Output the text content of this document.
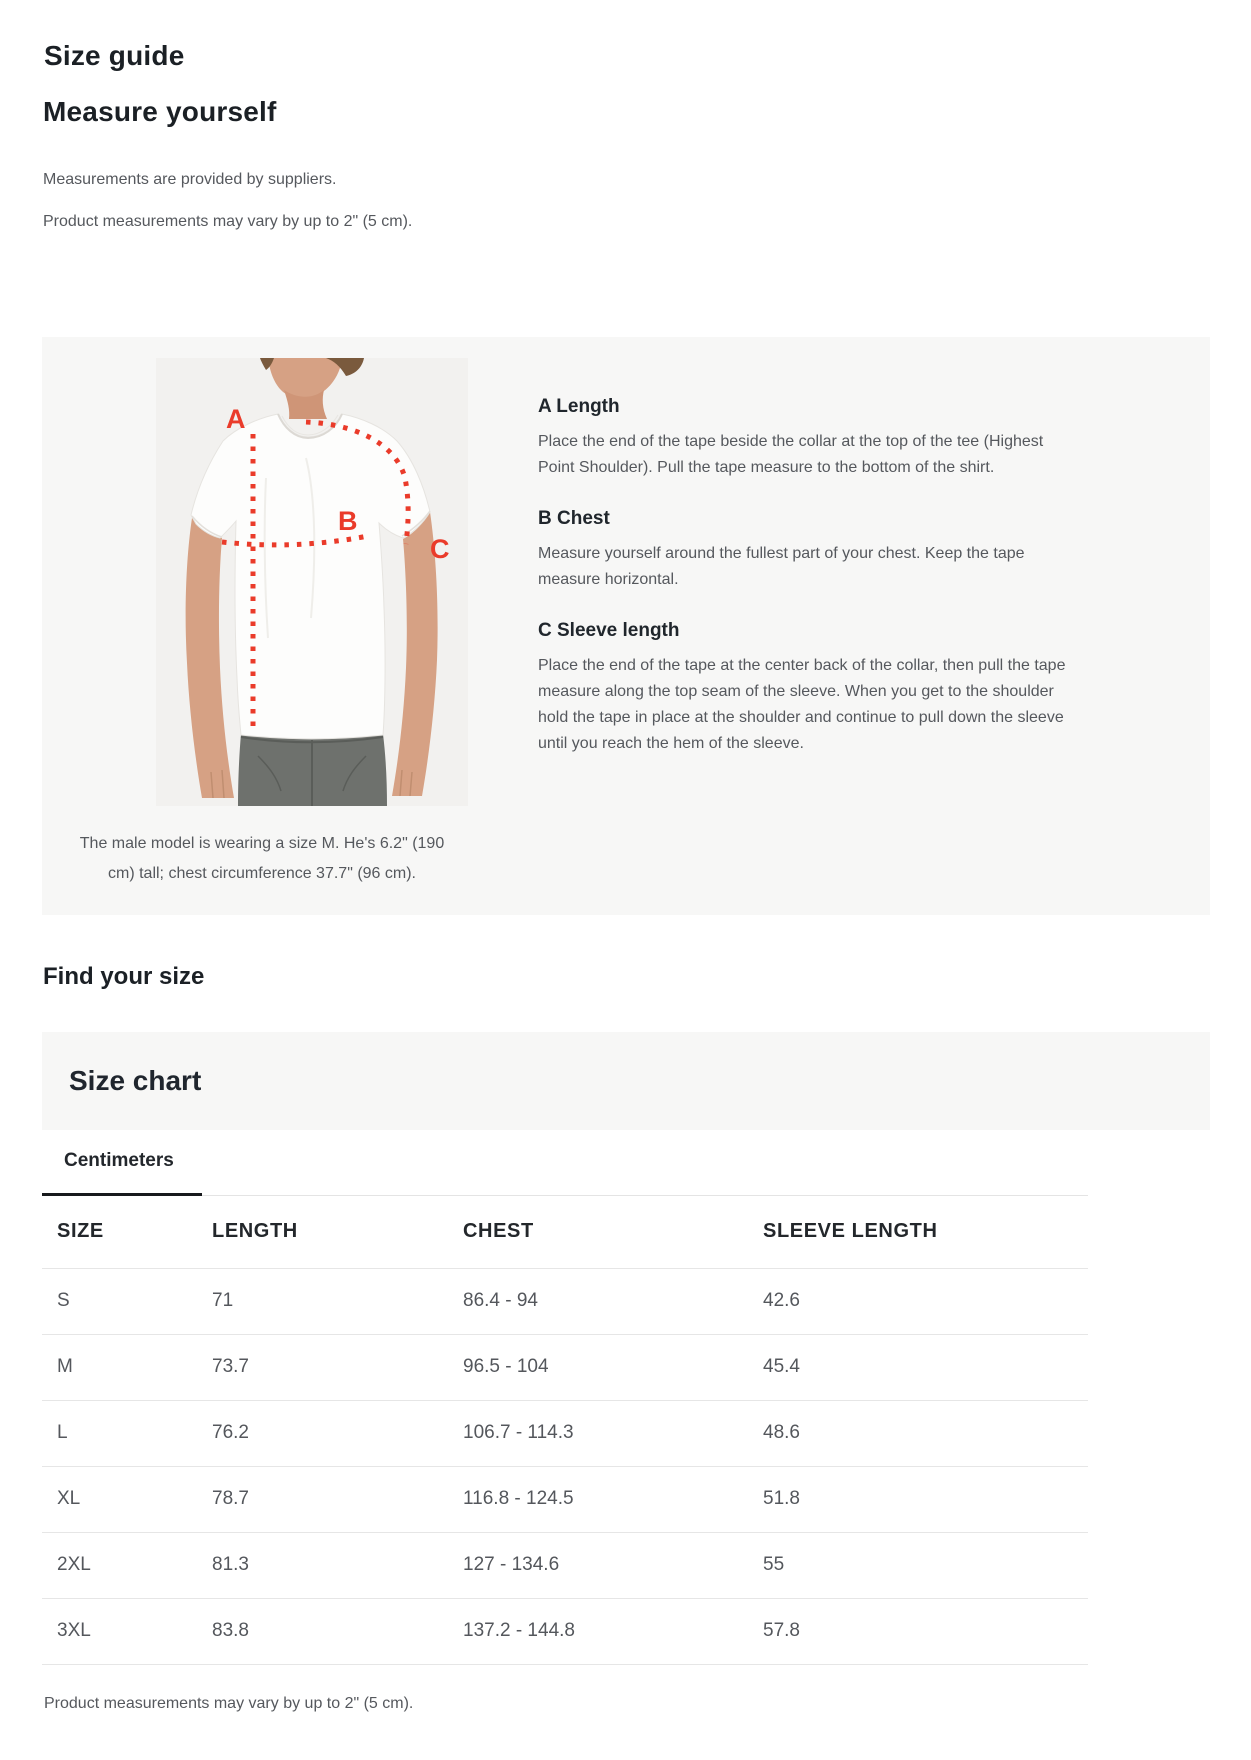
Size guide
Measure yourself

Measurements are provided by suppliers.

Product measurements may vary by up to 2" (5 cm).

A
B
C
The male model is wearing a size M. He's 6.2" (190 cm) tall; chest circumference 37.7" (96 cm).
A Length

Place the end of the tape beside the collar at the top of the tee (Highest Point Shoulder). Pull the tape measure to the bottom of the shirt.

B Chest

Measure yourself around the fullest part of your chest. Keep the tape measure horizontal.

C Sleeve length

Place the end of the tape at the center back of the collar, then pull the tape measure along the top seam of the sleeve. When you get to the shoulder hold the tape in place at the shoulder and continue to pull down the sleeve until you reach the hem of the sleeve.

Find your size
Size chart
Centimeters
SIZE	LENGTH	CHEST	SLEEVE LENGTH
S	71	86.4 - 94	42.6
M	73.7	96.5 - 104	45.4
L	76.2	106.7 - 114.3	48.6
XL	78.7	116.8 - 124.5	51.8
2XL	81.3	127 - 134.6	55
3XL	83.8	137.2 - 144.8	57.8

Product measurements may vary by up to 2" (5 cm).
